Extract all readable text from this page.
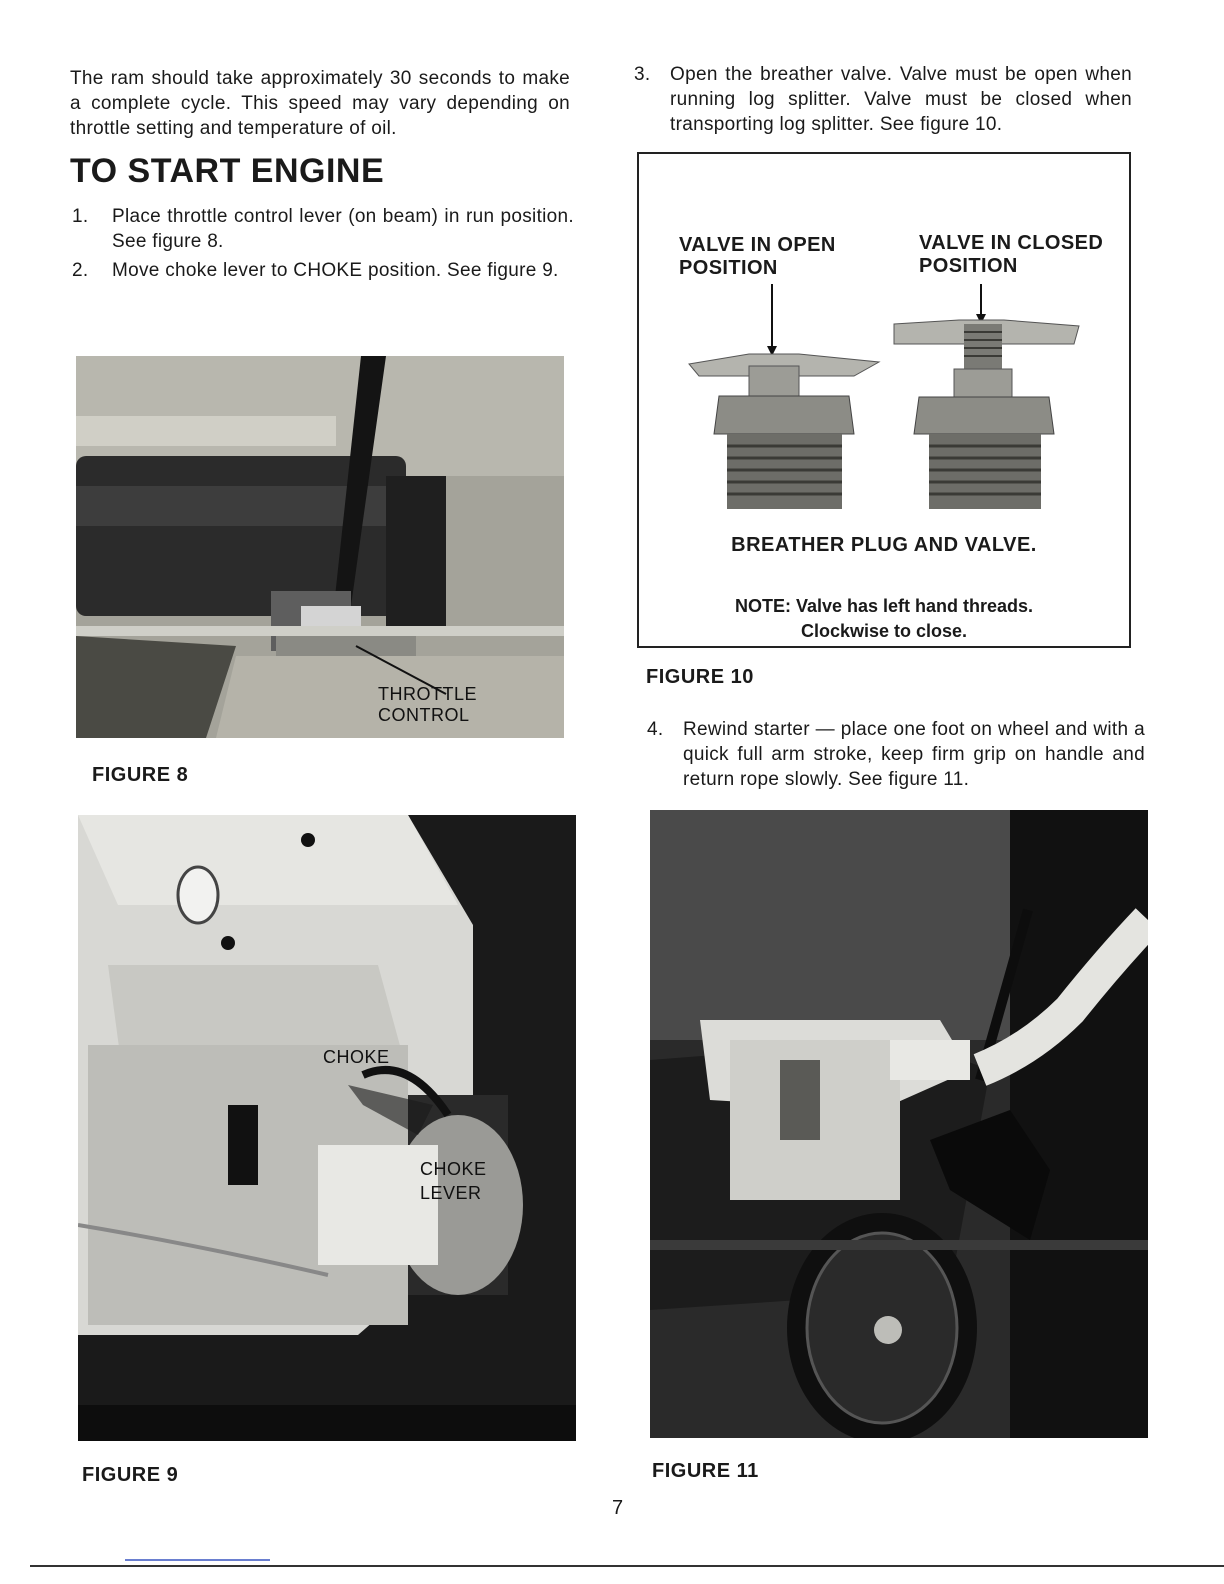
The ram should take approximately 30 seconds to make a complete cycle. This speed may vary depending on throttle setting and temperature of oil.
TO START ENGINE
1. Place throttle control lever (on beam) in run position. See figure 8.
2. Move choke lever to CHOKE position. See figure 9.
THROTTLE CONTROL
FIGURE 8
CHOKE
CHOKE
LEVER
FIGURE 9
3. Open the breather valve. Valve must be open when running log splitter. Valve must be closed when transporting log splitter. See figure 10.
VALVE IN OPEN
POSITION
VALVE IN CLOSED
POSITION
BREATHER PLUG AND VALVE.
NOTE: Valve has left hand threads.
Clockwise to close.
FIGURE 10
4. Rewind starter — place one foot on wheel and with a quick full arm stroke, keep firm grip on handle and return rope slowly. See figure 11.
FIGURE 11
7
